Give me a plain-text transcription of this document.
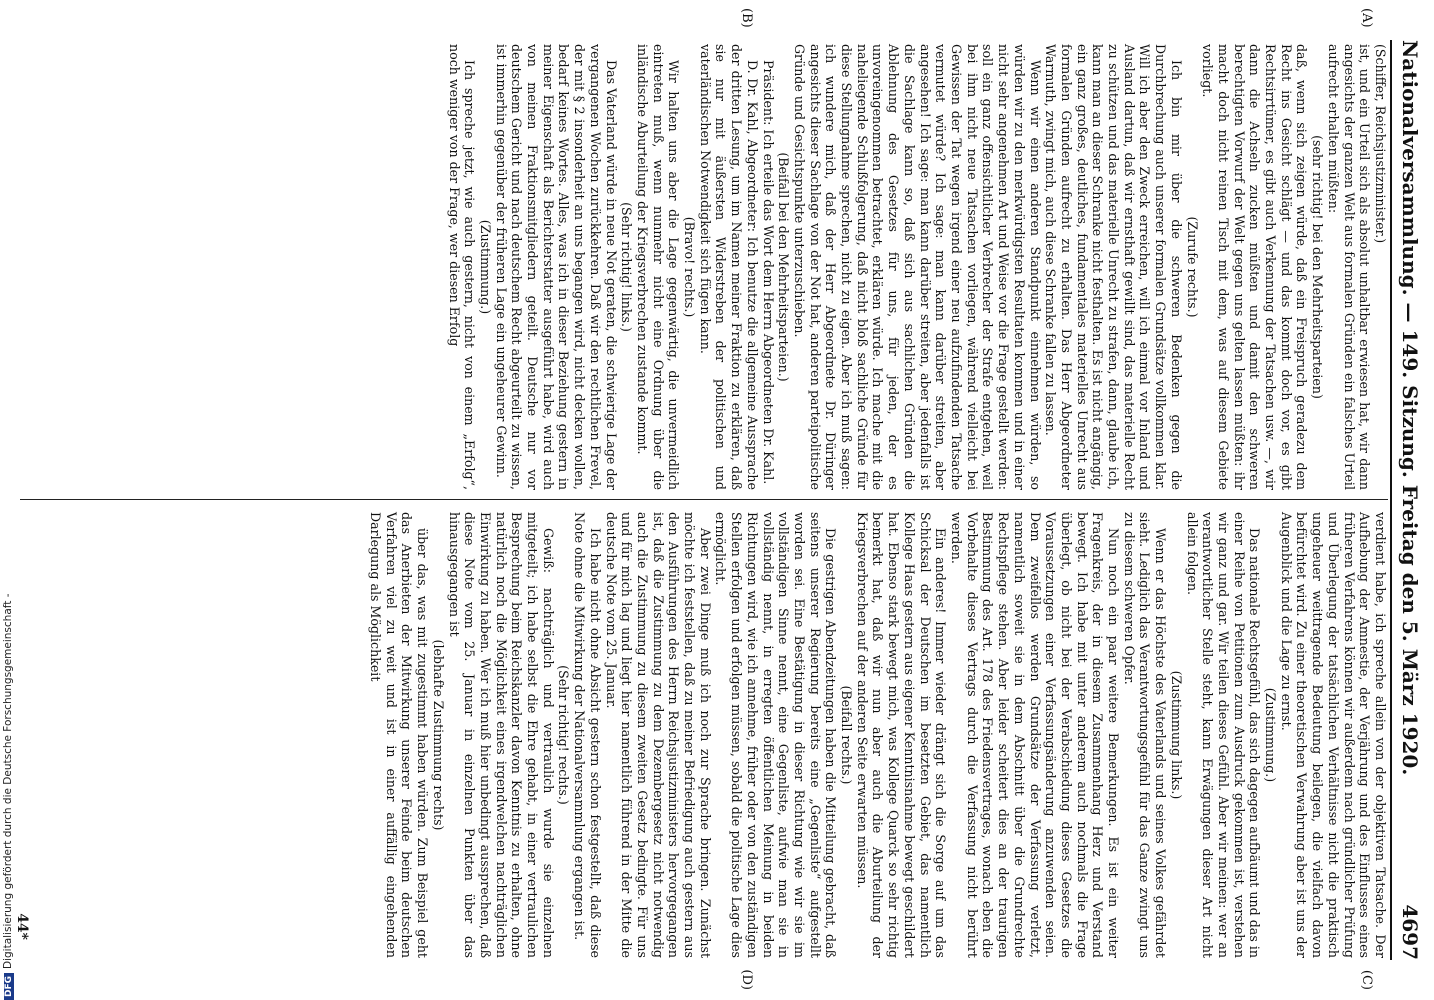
Nationalversammlung. — 149. Sitzung. Freitag den 5. März 1920.
4697
(A)
(B)
(C)
(D)

(Schiffer, Reichsjustizminister.)

ist, und ein Urteil sich als absolut unhaltbar erwiesen hat, wir dann angesichts der ganzen Welt aus formalen Gründen ein falsches Urteil aufrecht erhalten müßten:

(sehr richtig! bei den Mehrheitsparteien)

daß, wenn sich zeigen würde, daß ein Freispruch geradezu dem Recht ins Gesicht schlägt — und das kommt doch vor, es gibt Rechtsirrtümer, es gibt auch Verkennung der Tatsachen usw. —, wir dann die Achseln zucken müßten und damit den schweren berechtigten Vorwurf der Welt gegen uns gelten lassen müßten: ihr macht doch nicht reinen Tisch mit dem, was auf diesem Gebiete vorliegt.

(Zurufe rechts.)

Ich bin mir über die schweren Bedenken gegen die Durchbrechung auch unserer formalen Grundsätze vollkommen klar. Will ich aber den Zweck erreichen, will ich einmal vor Inland und Ausland dartun, daß wir ernsthaft gewillt sind, das materielle Recht zu schützen und das materielle Unrecht zu strafen, dann, glaube ich, kann man an dieser Schranke nicht festhalten. Es ist nicht angängig, ein ganz großes, deutliches, fundamentales materielles Unrecht aus formalen Gründen aufrecht zu erhalten. Das Herr Abgeordneter Warmuth, zwingt mich, auch diese Schranke fallen zu lassen.

Wenn wir einen anderen Standpunkt einnehmen würden, so würden wir zu den merkwürdigsten Resultaten kommen und in einer nicht sehr angenehmen Art und Weise vor die Frage gestellt werden: soll ein ganz offensichtlicher Verbrecher der Strafe entgehen, weil bei ihm nicht neue Tatsachen vorliegen, während vielleicht bei Gewissen der Tat wegen irgend einer neu aufzufindenden Tatsache vermutet würde? Ich sage: man kann darüber streiten, aber angesehen! Ich sage: man kann darüber streiten, aber jedenfalls ist die Sachlage kann so, daß sich aus sachlichen Gründen die Ablehnung des Gesetzes für uns, für jeden, der es unvoreingenommen betrachtet, erklären würde. Ich mache mit die naheliegende Schlußfolgerung, daß nicht bloß sachliche Gründe für diese Stellungnahme sprechen, nicht zu eigen. Aber ich muß sagen: ich wundere mich, daß der Herr Abgeordnete Dr. Düringer angesichts dieser Sachlage von der Not hat, anderen parteipolitische Gründe und Gesichtspunkte unterzuschieben.

(Beifall bei den Mehrheitsparteien.)

Präsident: Ich erteile das Wort dem Herrn Abgeordneten Dr. Kahl.

D. Dr. Kahl, Abgeordneter: Ich benutze die allgemeine Aussprache der dritten Lesung, um im Namen meiner Fraktion zu erklären, daß sie nur mit äußersten Widerstreben der politischen und vaterländischen Notwendigkeit sich fügen kann.

(Bravo! rechts.)

Wir halten uns aber die Lage gegenwärtig, die unvermeidlich eintreten muß, wenn nunmehr nicht eine Ordnung über die inländische Aburteilung der Kriegsverbrechen zustande kommt.

(Sehr richtig! links.)

Das Vaterland würde in neue Not geraten, die schwierige Lage der vergangenen Wochen zurückkehren. Daß wir den rechtlichen Frevel, der mit § 2 insonderheit an uns begangen wird, nicht decken wollen, bedarf keines Wortes. Alles, was ich in dieser Beziehung gestern in meiner Eigenschaft als Berichterstatter ausgeführt habe, wird auch von meinen Fraktionsmitgliedern geteilt. Deutsche nur vor deutschem Gericht und nach deutschem Recht abgeurteilt zu wissen, ist immerhin gegenüber der früheren Lage ein ungeheurer Gewinn.

(Zustimmung.)

Ich spreche jetzt, wie auch gestern, nicht von einem „Erfolg“, noch weniger von der Frage, wer diesen Erfolg

verdient habe, ich spreche allein von der objektiven Tatsache. Der Aufhebung der Amnestie, der Verjährung und des Einflusses eines früheren Verfahrens können wir außerdem nach gründlicher Prüfung und Überlegung der tatsächlichen Verhältnisse nicht die praktisch ungeheuer weittragende Bedeutung beilegen, die vielfach davon befürchtet wird. Zu einer theoretischen Verwahrung aber ist uns der Augenblick und die Lage zu ernst.

(Zustimmung.)

Das nationale Rechtsgefühl, das sich dagegen aufbäumt und das in einer Reihe von Petitionen zum Ausdruck gekommen ist, verstehen wir ganz und gar. Wir teilen dieses Gefühl. Aber wir meinen: wer an verantwortlicher Stelle steht, kann Erwägungen dieser Art nicht allein folgen.

(Zustimmung links.)

Wenn er das Höchste des Vaterlands und seines Volkes gefährdet sieht. Lediglich das Verantwortungsgefühl für das Ganze zwingt uns zu diesem schweren Opfer.

Nun noch ein paar weitere Bemerkungen. Es ist ein weiter Fragenkreis, der in diesem Zusammenhang Herz und Verstand bewegt. Ich habe mit unter anderem auch nochmals die Frage überlegt, ob nicht bei der Verabschiedung dieses Gesetzes die Voraussetzungen einer Verfassungsänderung anzuwenden seien. Dem zweifellos werden Grundsätze der Verfassung verletzt, namentlich soweit sie in dem Abschnitt über die Grundrechte Rechtspflege stehen. Aber leider scheitert dies an der traurigen Bestimmung des Art. 178 des Friedensvertrages, wonach eben die Vorbehalte dieses Vertrags durch die Verfassung nicht berührt werden.

Ein anderes! Immer wieder drängt sich die Sorge auf um das Schicksal der Deutschen im besetzten Gebiet, das namentlich Kollege Haas gestern aus eigener Kenntnisnahme bewegt geschildert hat. Ebenso stark bewegt mich, was Kollege Quarck so sehr richtig bemerkt hat, daß wir nun aber auch die Aburteilung der Kriegsverbrechen auf der anderen Seite erwarten müssen.

(Beifall rechts.)

Die gestrigen Abendzeitungen haben die Mitteilung gebracht, daß seitens unserer Regierung bereits eine „Gegenliste“ aufgestellt worden sei. Eine Bestätigung in dieser Richtung wie wir sie im vollständigen Sinne nennt, eine Gegenliste, aufwie man sie in vollständig nennt, in erregten öffentlichen Meinung in beiden Richtungen wird, wie ich annehme, früher oder von den zuständigen Stellen erfolgen und erfolgen müssen, sobald die politische Lage dies ermöglicht.

Aber zwei Dinge muß ich noch zur Sprache bringen. Zunächst möchte ich feststellen, daß zu meiner Befriedigung auch gestern aus den Ausführungen des Herrn Reichsjustizministers hervorgegangen ist, daß die Zustimmung zu dem Dezembergesetz nicht notwendig auch die Zustimmung zu diesem zweiten Gesetz bedingte. Für uns und für mich lag und liegt hier namentlich führend in der Mitte die deutsche Note vom 25. Januar.

Ich habe nicht ohne Absicht gestern schon festgestellt, daß diese Note ohne die Mitwirkung der Nationalversammlung ergangen ist.

(Sehr richtig! rechts.)

Gewiß: nachträglich und vertraulich wurde sie einzelnen mitgeteilt; ich habe selbst die Ehre gehabt, in einer vertraulichen Besprechung beim Reichskanzler davon Kenntnis zu erhalten, ohne natürlich noch die Möglichkeit eines irgendwelchen nachträglichen Einwirkung zu haben. Wer ich muß hier unbedingt aussprechen, daß diese Note vom 25. Januar in einzelnen Punkten über das hinausgegangen ist

(lebhafte Zustimmung rechts)

über das, was mit zugestimmt haben würden. Zum Beispiel geht das Anerbieten der Mitwirkung unserer Feinde beim deutschen Verfahren viel zu weit und ist in einer auffällig eingehenden Darlegung als Möglichkeit

44*
DFGDigitalisierung gefördert durch die Deutsche Forschungsgemeinschaft -
